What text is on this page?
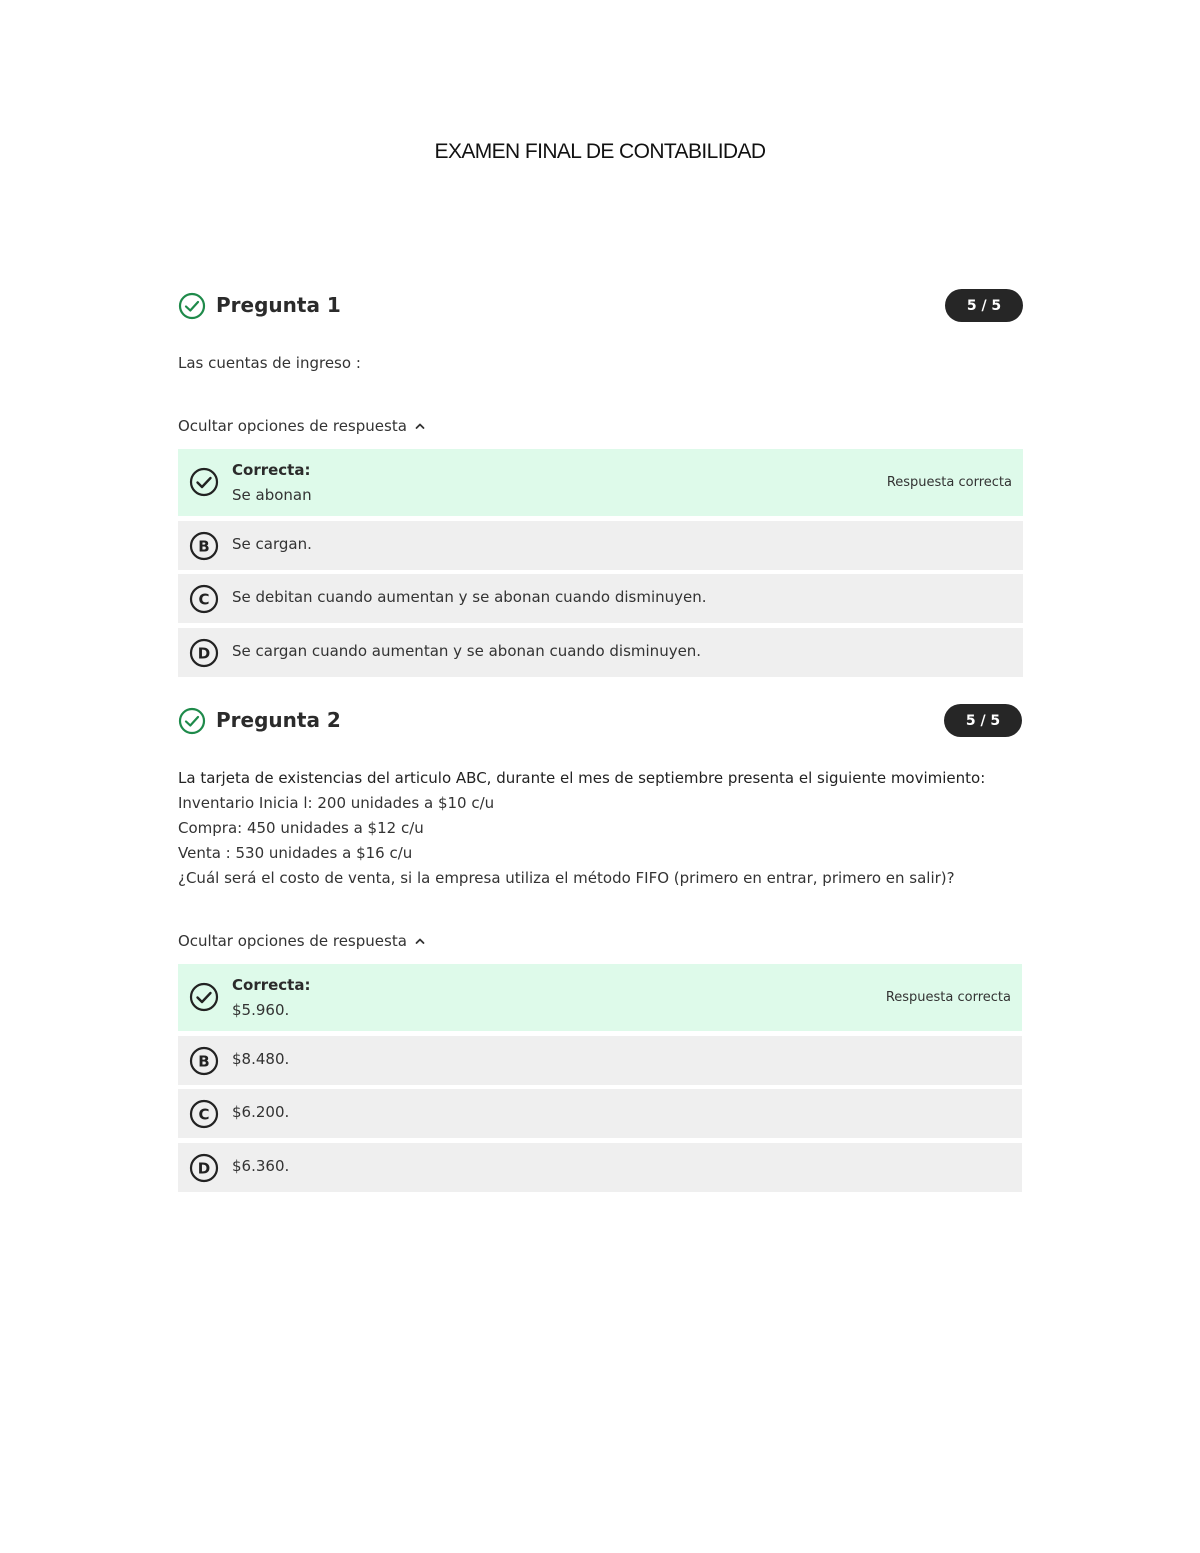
EXAMEN FINAL DE CONTABILIDAD
Pregunta 1	5 / 5
Las cuentas de ingreso :
Ocultar opciones de respuesta
Correcta:
Se abonan
Respuesta correcta
B Se cargan.
C Se debitan cuando aumentan y se abonan cuando disminuyen.
D Se cargan cuando aumentan y se abonan cuando disminuyen.
Pregunta 2	5 / 5
La tarjeta de existencias del articulo ABC, durante el mes de septiembre presenta el siguiente movimiento:
Inventario Inicia l: 200 unidades a $10 c/u
Compra: 450 unidades a $12 c/u
Venta : 530 unidades a $16 c/u
¿Cuál será el costo de venta, si la empresa utiliza el método FIFO (primero en entrar, primero en salir)?
Ocultar opciones de respuesta
Correcta:
$5.960.
Respuesta correcta
B $8.480.
C $6.200.
D $6.360.
